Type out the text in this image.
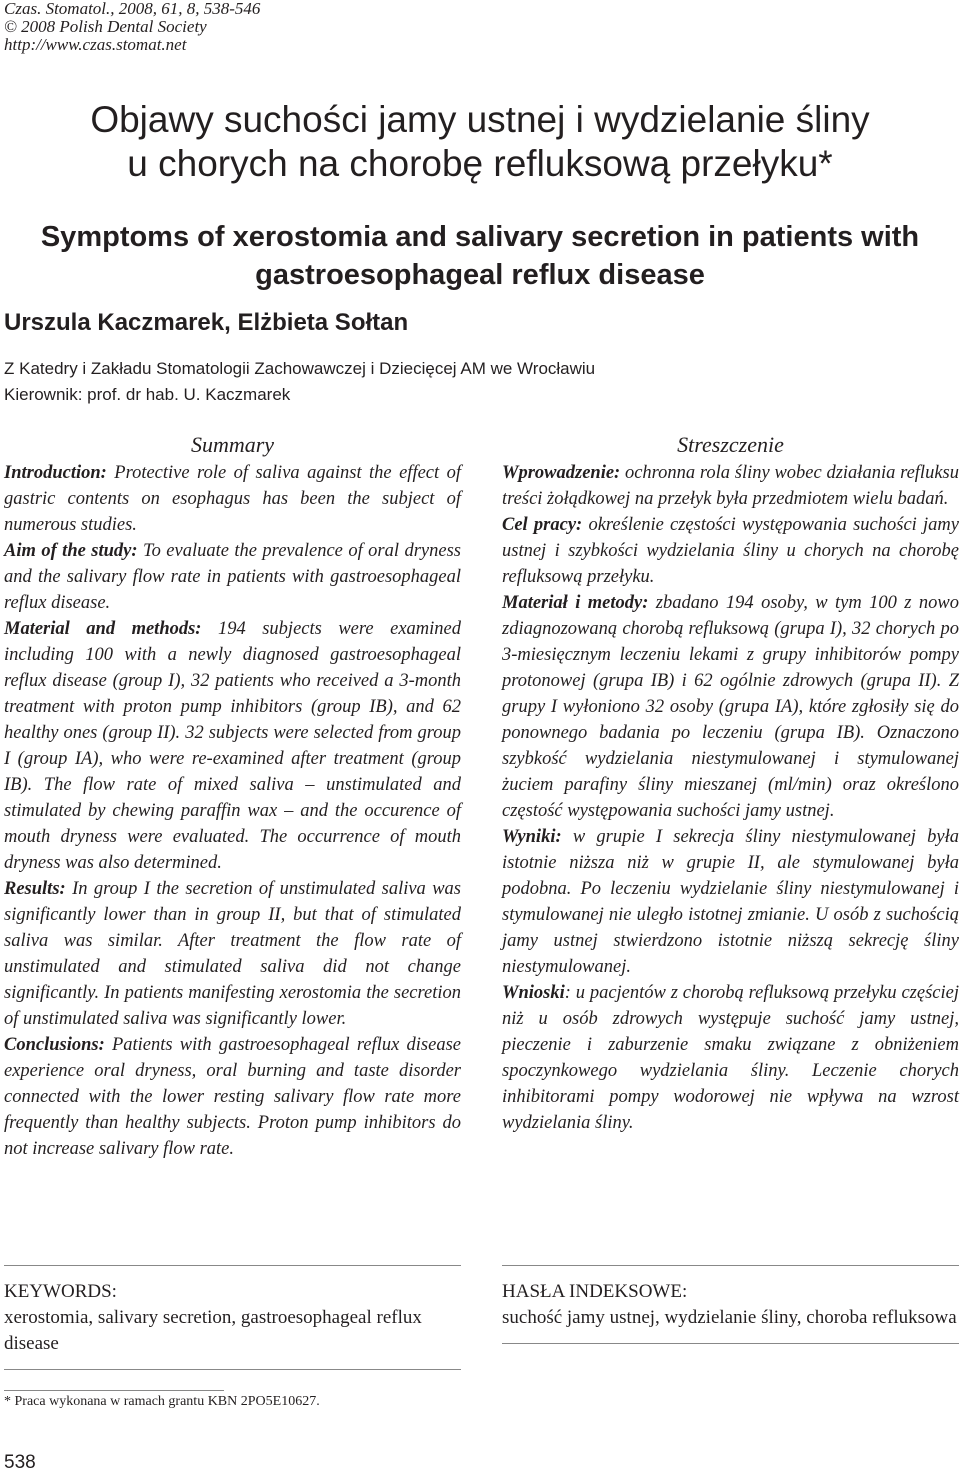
Czas. Stomatol., 2008, 61, 8, 538-546
© 2008 Polish Dental Society
http://www.czas.stomat.net
Objawy suchości jamy ustnej i wydzielanie śliny
u chorych na chorobę refluksową przełyku*
Symptoms of xerostomia and salivary secretion in patients with
gastroesophageal reflux disease
Urszula Kaczmarek, Elżbieta Sołtan
Z Katedry i Zakładu Stomatologii Zachowawczej i Dziecięcej AM we Wrocławiu
Kierownik: prof. dr hab. U. Kaczmarek
Summary

Introduction: Protective role of saliva against the effect of gastric contents on esophagus has been the subject of numerous studies.

Aim of the study: To evaluate the prevalence of oral dryness and the salivary flow rate in patients with gastroesophageal reflux disease.

Material and methods: 194 subjects were examined including 100 with a newly diagnosed gastroesophageal reflux disease (group I), 32 patients who received a 3-month treatment with proton pump inhibitors (group IB), and 62 healthy ones (group II). 32 subjects were selected from group I (group IA), who were re-examined after treatment (group IB). The flow rate of mixed saliva – unstimulated and stimulated by chewing paraffin wax – and the occurence of mouth dryness were evaluated. The occurrence of mouth dryness was also determined.

Results: In group I the secretion of unstimulated saliva was significantly lower than in group II, but that of stimulated saliva was similar. After treatment the flow rate of unstimulated and stimulated saliva did not change significantly. In patients manifesting xerostomia the secretion of unstimulated saliva was significantly lower.

Conclusions: Patients with gastroesophageal reflux disease experience oral dryness, oral burning and taste disorder connected with the lower resting salivary flow rate more frequently than healthy subjects. Proton pump inhibitors do not increase salivary flow rate.

Streszczenie

Wprowadzenie: ochronna rola śliny wobec działania refluksu treści żołądkowej na przełyk była przedmiotem wielu badań.

Cel pracy: określenie częstości występowania suchości jamy ustnej i szybkości wydzielania śliny u chorych na chorobę refluksową przełyku.

Materiał i metody: zbadano 194 osoby, w tym 100 z nowo zdiagnozowaną chorobą refluksową (grupa I), 32 chorych po 3-miesięcznym leczeniu lekami z grupy inhibitorów pompy protonowej (grupa IB) i 62 ogólnie zdrowych (grupa II). Z grupy I wyłoniono 32 osoby (grupa IA), które zgłosiły się do ponownego badania po leczeniu (grupa IB). Oznaczono szybkość wydzielania niestymulowanej i stymulowanej żuciem parafiny śliny mieszanej (ml/min) oraz określono częstość występowania suchości jamy ustnej.

Wyniki: w grupie I sekrecja śliny niestymulowanej była istotnie niższa niż w grupie II, ale stymulowanej była podobna. Po leczeniu wydzielanie śliny niestymulowanej i stymulowanej nie uległo istotnej zmianie. U osób z suchością jamy ustnej stwierdzono istotnie niższą sekrecję śliny niestymulowanej.

Wnioski: u pacjentów z chorobą refluksową przełyku częściej niż u osób zdrowych występuje suchość jamy ustnej, pieczenie i zaburzenie smaku związane z obniżeniem spoczynkowego wydzielania śliny. Leczenie chorych inhibitorami pompy wodorowej nie wpływa na wzrost wydzielania śliny.

KEYWORDS:
xerostomia, salivary secretion, gastroesophageal reflux disease
HASŁA INDEKSOWE:
suchość jamy ustnej, wydzielanie śliny, choroba refluksowa
* Praca wykonana w ramach grantu KBN 2PO5E10627.
538
